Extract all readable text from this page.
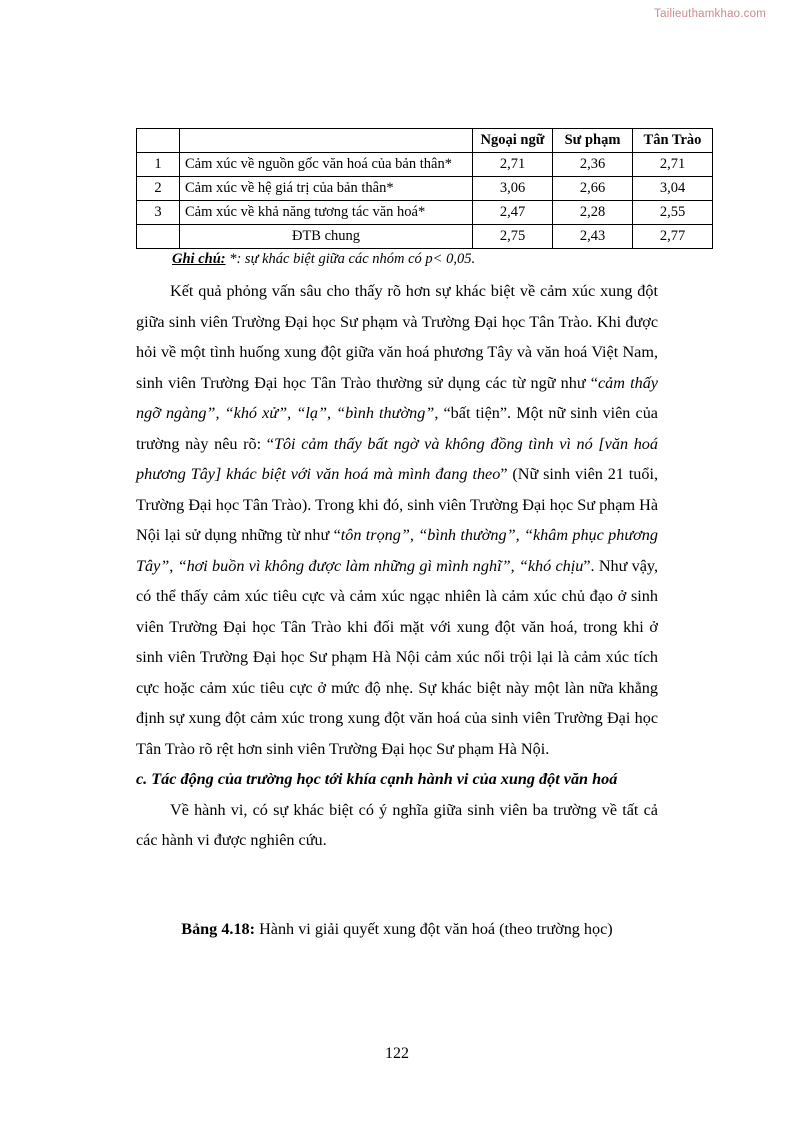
Tailieuthamkhao.com
		Ngoại ngữ	Sư phạm	Tân Trào
1	Cảm xúc về nguồn gốc văn hoá của bản thân*	2,71	2,36	2,71
2	Cảm xúc về hệ giá trị của bản thân*	3,06	2,66	3,04
3	Cảm xúc về khả năng tương tác văn hoá*	2,47	2,28	2,55
	ĐTB chung	2,75	2,43	2,77
Ghi chú: *: sự khác biệt giữa các nhóm có p< 0,05.

Kết quả phỏng vấn sâu cho thấy rõ hơn sự khác biệt về cảm xúc xung đột giữa sinh viên Trường Đại học Sư phạm và Trường Đại học Tân Trào. Khi được hỏi về một tình huống xung đột giữa văn hoá phương Tây và văn hoá Việt Nam, sinh viên Trường Đại học Tân Trào thường sử dụng các từ ngữ như “cảm thấy ngỡ ngàng”, “khó xử”, “lạ”, “bình thường”, “bất tiện”. Một nữ sinh viên của trường này nêu rõ: “Tôi cảm thấy bất ngờ và không đồng tình vì nó [văn hoá phương Tây] khác biệt với văn hoá mà mình đang theo” (Nữ sinh viên 21 tuổi, Trường Đại học Tân Trào). Trong khi đó, sinh viên Trường Đại học Sư phạm Hà Nội lại sử dụng những từ như “tôn trọng”, “bình thường”, “khâm phục phương Tây”, “hơi buồn vì không được làm những gì mình nghĩ”, “khó chịu”. Như vậy, có thể thấy cảm xúc tiêu cực và cảm xúc ngạc nhiên là cảm xúc chủ đạo ở sinh viên Trường Đại học Tân Trào khi đối mặt với xung đột văn hoá, trong khi ở sinh viên Trường Đại học Sư phạm Hà Nội cảm xúc nổi trội lại là cảm xúc tích cực hoặc cảm xúc tiêu cực ở mức độ nhẹ. Sự khác biệt này một làn nữa khẳng định sự xung đột cảm xúc trong xung đột văn hoá của sinh viên Trường Đại học Tân Trào rõ rệt hơn sinh viên Trường Đại học Sư phạm Hà Nội.

c. Tác động của trường học tới khía cạnh hành vi của xung đột văn hoá

Về hành vi, có sự khác biệt có ý nghĩa giữa sinh viên ba trường về tất cả các hành vi được nghiên cứu.

Bảng 4.18: Hành vi giải quyết xung đột văn hoá (theo trường học)

122
